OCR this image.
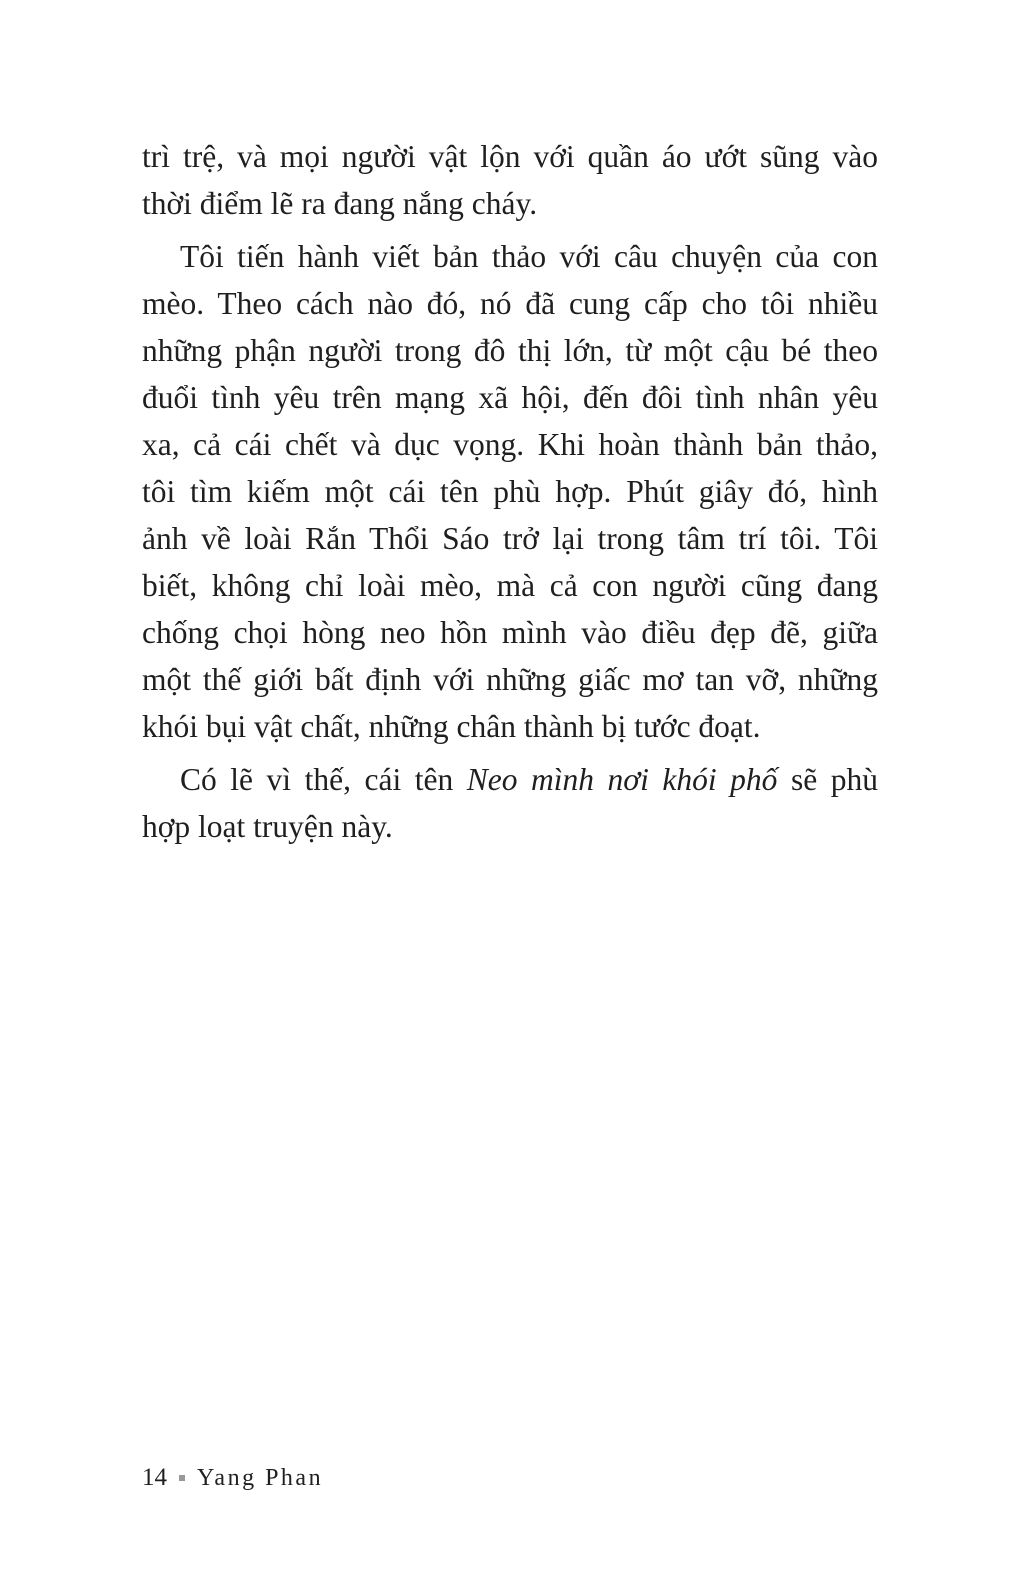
trì trệ, và mọi người vật lộn với quần áo ướt sũng vào
thời điểm lẽ ra đang nắng cháy.

Tôi tiến hành viết bản thảo với câu chuyện của con
mèo. Theo cách nào đó, nó đã cung cấp cho tôi nhiều
những phận người trong đô thị lớn, từ một cậu bé theo
đuổi tình yêu trên mạng xã hội, đến đôi tình nhân yêu
xa, cả cái chết và dục vọng. Khi hoàn thành bản thảo,
tôi tìm kiếm một cái tên phù hợp. Phút giây đó, hình
ảnh về loài Rắn Thổi Sáo trở lại trong tâm trí tôi. Tôi
biết, không chỉ loài mèo, mà cả con người cũng đang
chống chọi hòng neo hồn mình vào điều đẹp đẽ, giữa
một thế giới bất định với những giấc mơ tan vỡ, những
khói bụi vật chất, những chân thành bị tước đoạt.

Có lẽ vì thế, cái tên Neo mình nơi khói phố sẽ phù
hợp loạt truyện này.

14 Yang Phan
